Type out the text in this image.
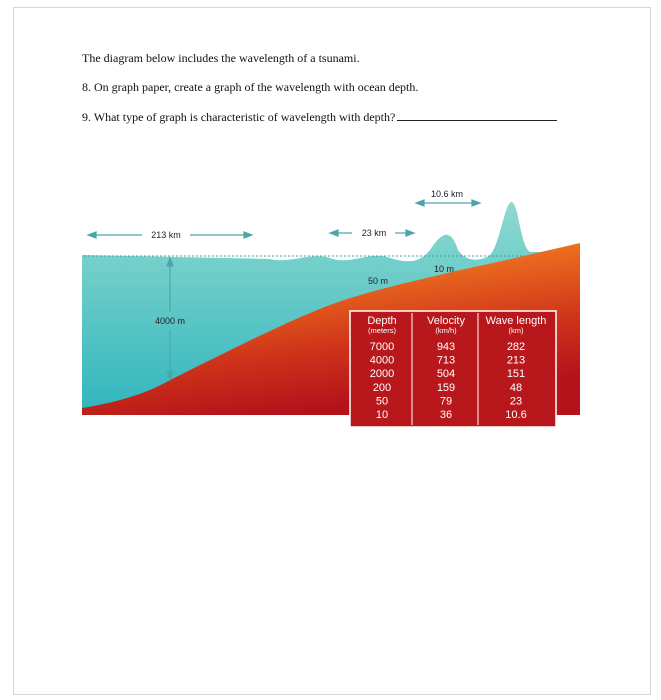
The diagram below includes the wavelength of a tsunami.
8. On graph paper, create a graph of the wavelength with ocean depth.
9. What type of graph is characteristic of wavelength with depth?
213 km	23 km
10.6 km
4000 m
50 m
10 m
Depth	Velocity Wave length
(meters)	(km/h)	(km)
7000	943	282
4000	713	213
2000	504	151
200	159	48
50	79	23
10	36	10.6
